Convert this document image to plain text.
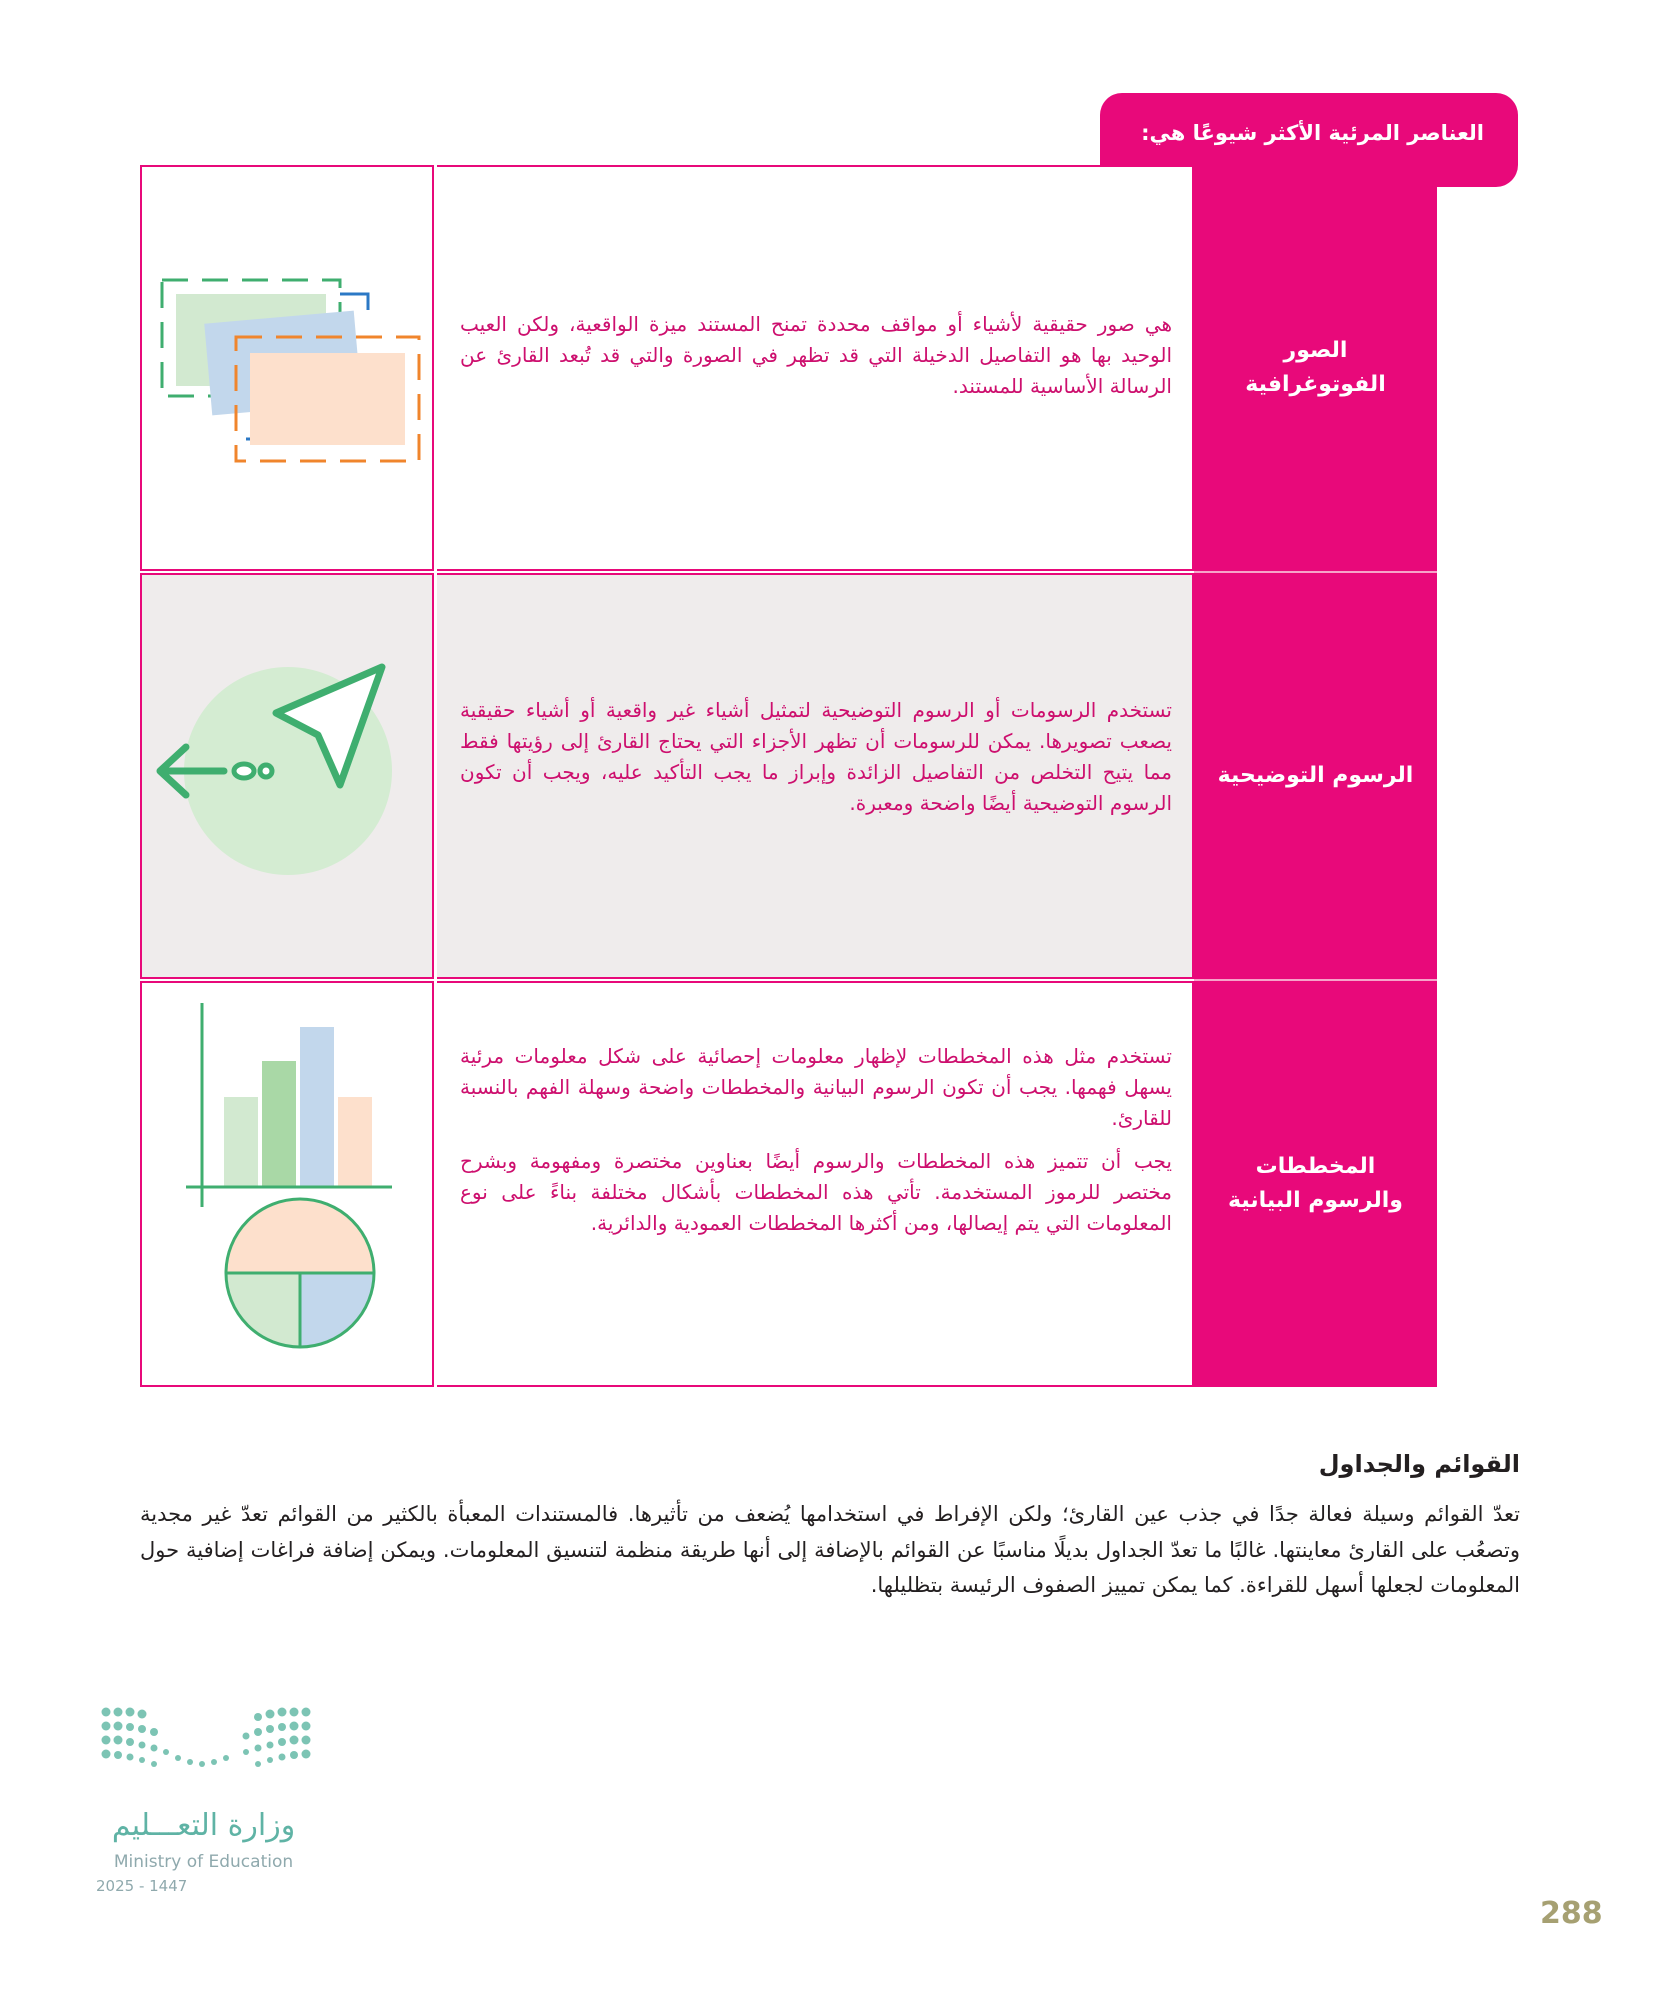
العناصر المرئية الأكثر شيوعًا هي:

هي صور حقيقية لأشياء أو مواقف محددة تمنح المستند ميزة الواقعية، ولكن العيب الوحيد بها هو التفاصيل الدخيلة التي قد تظهر في الصورة والتي قد تُبعد القارئ عن الرسالة الأساسية للمستند.

الصور الفوتوغرافية

تستخدم الرسومات أو الرسوم التوضيحية لتمثيل أشياء غير واقعية أو أشياء حقيقية يصعب تصويرها. يمكن للرسومات أن تظهر الأجزاء التي يحتاج القارئ إلى رؤيتها فقط مما يتيح التخلص من التفاصيل الزائدة وإبراز ما يجب التأكيد عليه، ويجب أن تكون الرسوم التوضيحية أيضًا واضحة ومعبرة.

الرسوم التوضيحية

تستخدم مثل هذه المخططات لإظهار معلومات إحصائية على شكل معلومات مرئية يسهل فهمها. يجب أن تكون الرسوم البيانية والمخططات واضحة وسهلة الفهم بالنسبة للقارئ.

يجب أن تتميز هذه المخططات والرسوم أيضًا بعناوين مختصرة ومفهومة وبشرح مختصر للرموز المستخدمة. تأتي هذه المخططات بأشكال مختلفة بناءً على نوع المعلومات التي يتم إيصالها، ومن أكثرها المخططات العمودية والدائرية.

المخططات والرسوم البيانية
القوائم والجداول
تعدّ القوائم وسيلة فعالة جدًا في جذب عين القارئ؛ ولكن الإفراط في استخدامها يُضعف من تأثيرها. فالمستندات المعبأة بالكثير من القوائم تعدّ غير مجدية وتصعُب على القارئ معاينتها. غالبًا ما تعدّ الجداول بديلًا مناسبًا عن القوائم بالإضافة إلى أنها طريقة منظمة لتنسيق المعلومات. ويمكن إضافة فراغات إضافية حول المعلومات لجعلها أسهل للقراءة. كما يمكن تمييز الصفوف الرئيسة بتظليلها.
وزارة التعـــليم
Ministry of Education
2025 - 1447
288
